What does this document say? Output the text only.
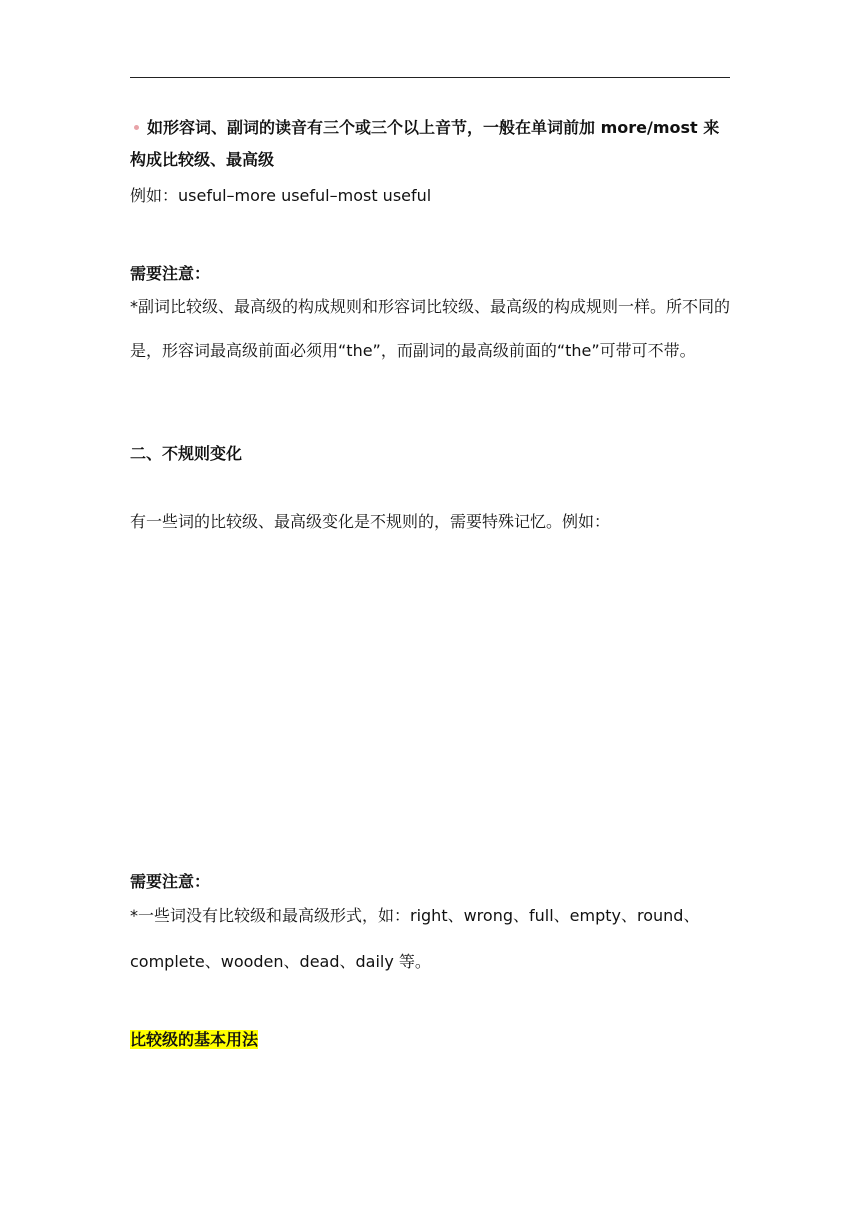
如形容词、副词的读音有三个或三个以上音节，一般在单词前加 more/most 来构成比较级、最高级

例如：useful–more useful–most useful

需要注意：

*副词比较级、最高级的构成规则和形容词比较级、最高级的构成规则一样。所不同的是，形容词最高级前面必须用“the”，而副词的最高级前面的“the”可带可不带。

二、不规则变化

有一些词的比较级、最高级变化是不规则的，需要特殊记忆。例如：

需要注意：

*一些词没有比较级和最高级形式，如：right、wrong、full、empty、round、complete、wooden、dead、daily 等。

比较级的基本用法
